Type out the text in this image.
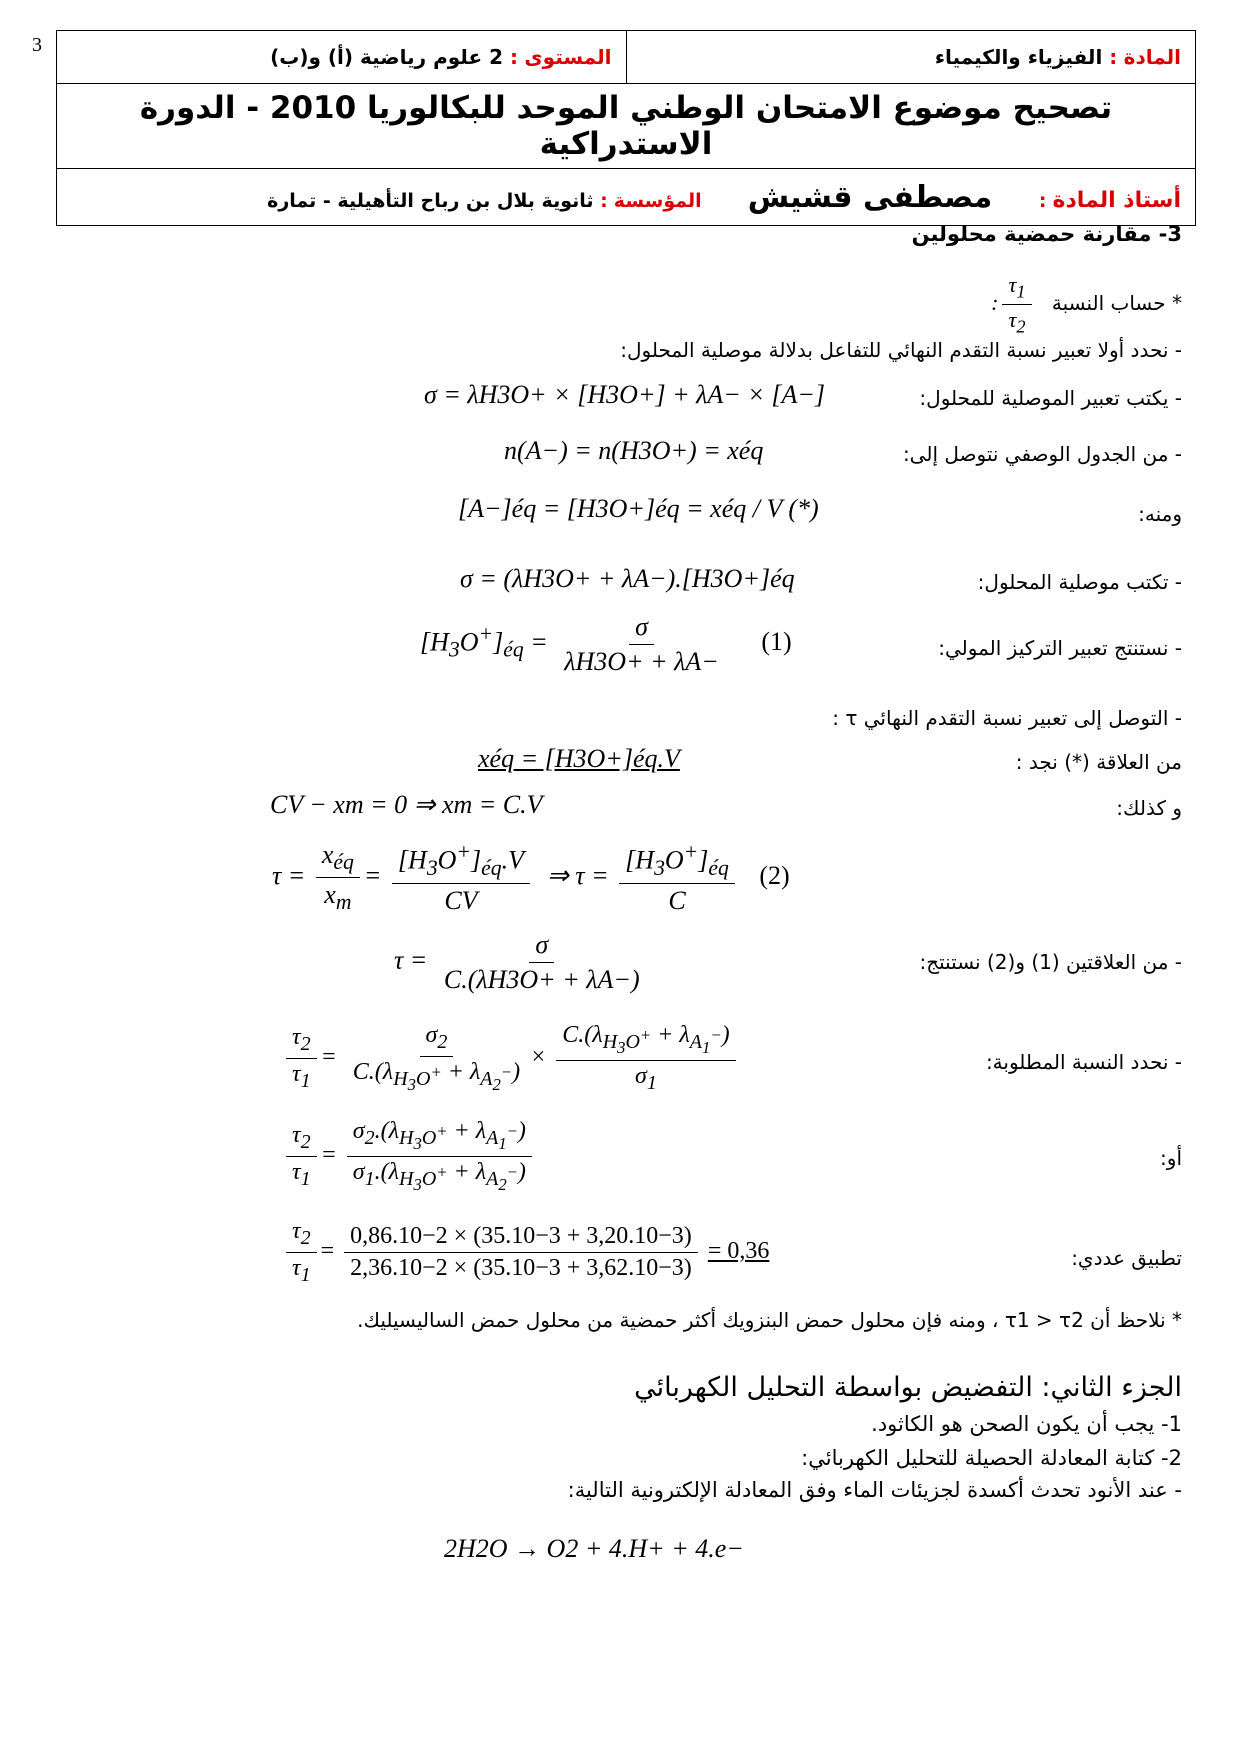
3	المادة : الفيزياء والكيمياء	المستوى : 2 علوم رياضية (أ) و(ب)
تصحيح موضوع الامتحان الوطني الموحد للبكالوريا 2010 - الدورة الاستدراكية
أستاذ المادة : مصطفى قشيش المؤسسة : ثانوية بلال بن رباح التأهيلية - تمارة
3- مقارنة حمضية محلولين
* حساب النسبة
$\frac{\tau_1}{\tau_2}$
:
- نحدد أولا تعبير نسبة التقدم النهائي للتفاعل بدلالة موصلية المحلول:
- يكتب تعبير الموصلية للمحلول:
σ = λH3O+ × [H3O+] + λA− × [A−]
- من الجدول الوصفي نتوصل إلى:
n(A−) = n(H3O+) = xéq
ومنه:
[A−]éq = [H3O+]éq = xéq / V (*)
- تكتب موصلية المحلول:
σ = (λH3O+ + λA−).[H3O+]éq
- نستنتج تعبير التركيز المولي:
$[H_3O^+]_{éq} = \frac{\sigma}{\lambda H3O+ + \lambda A-} (1)$
- التوصل إلى تعبير نسبة التقدم النهائي τ :
من العلاقة (*) نجد :
xéq = [H3O+]éq.V
و كذلك:
CV − xm = 0 ⇒ xm = C.V
$\tau = \frac{x_{éq}}{x_m} = \frac{[H_3O^+]_{éq}.V}{CV}$ ⇒ $\tau = \frac{[H_3O^+]_{éq}}{C} (2)$
- من العلاقتين (1) و(2) نستنتج:
$\tau = \frac{\sigma}{C.(\lambda H3O+ + \lambda A-)}$
- نحدد النسبة المطلوبة:
$\frac{\tau_2}{\tau_1} = \frac{\sigma_2}{C.(\lambda_{H_3O^+} + \lambda_{A_2^-})} \times \frac{C.(\lambda_{H_3O^+} + \lambda_{A_1^-})}{\sigma_1}$
أو:
$\frac{\tau_2}{\tau_1} = \frac{\sigma_2.(\lambda_{H_3O^+} + \lambda_{A_1^-})}{\sigma_1.(\lambda_{H_3O^+} + \lambda_{A_2^-})}$
تطبيق عددي:
$\frac{\tau_2}{\tau_1} = \frac{0,86.10-2 \times (35.10-3 + 3,20.10-3)}{2,36.10-2 \times (35.10-3 + 3,62.10-3)} = 0,36$
* نلاحظ أن τ1 > τ2 ، ومنه فإن محلول حمض البنزويك أكثر حمضية من محلول حمض الساليسيليك.
الجزء الثاني: التفضيض بواسطة التحليل الكهربائي
1- يجب أن يكون الصحن هو الكاثود.
2- كتابة المعادلة الحصيلة للتحليل الكهربائي:
- عند الأنود تحدث أكسدة لجزيئات الماء وفق المعادلة الإلكترونية التالية:
2H2O → O2 + 4.H+ + 4.e−
